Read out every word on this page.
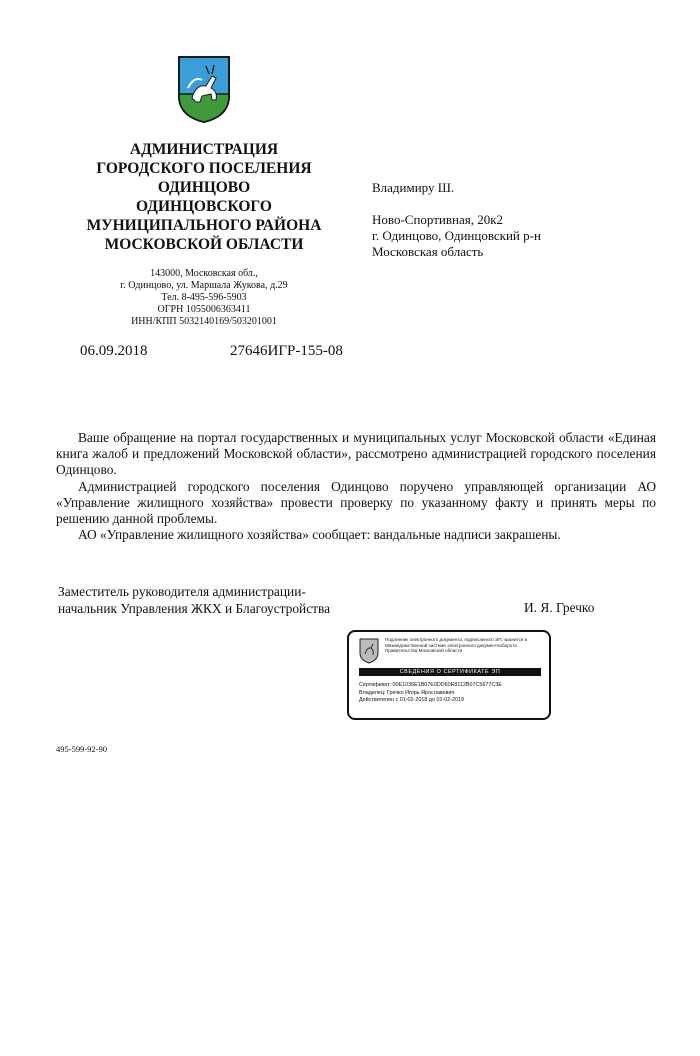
АДМИНИСТРАЦИЯ
ГОРОДСКОГО ПОСЕЛЕНИЯ
ОДИНЦОВО
ОДИНЦОВСКОГО
МУНИЦИПАЛЬНОГО РАЙОНА
МОСКОВСКОЙ ОБЛАСТИ
143000, Московская обл.,
г. Одинцово, ул. Маршала Жукова, д.29
Тел. 8-495-596-5903
ОГРН 1055006363411
ИНН/КПП 5032140169/503201001
Владимиру Ш.
Ново-Спортивная, 20к2
г. Одинцово, Одинцовский р-н
Московская область
06.09.2018	27646ИГР-155-08

Ваше обращение на портал государственных и муниципальных услуг Московской области «Единая книга жалоб и предложений Московской области», рассмотрено администрацией городского поселения Одинцово.

Администрацией городского поселения Одинцово поручено управляющей организации АО «Управление жилищного хозяйства» провести проверку по указанному факту и принять меры по решению данной проблемы.

АО «Управление жилищного хозяйства» сообщает: вандальные надписи закрашены.

Заместитель руководителя администрации-
начальник Управления ЖКХ и Благоустройства	И. Я. Гречко
Подлинник электронного документа, подписанного ЭП, хранится в Межведомственной системе электронного документооборота Правительства Московской области
СВЕДЕНИЯ О СЕРТИФИКАТЕ ЭП
Сертификат: 00E1036E1B07E0DD60E8112B07C5677C3E
Владелец: Гречко Игорь Ярославович
Действителен с 01-02-2018 до 01-02-2019
495-599-92-90
